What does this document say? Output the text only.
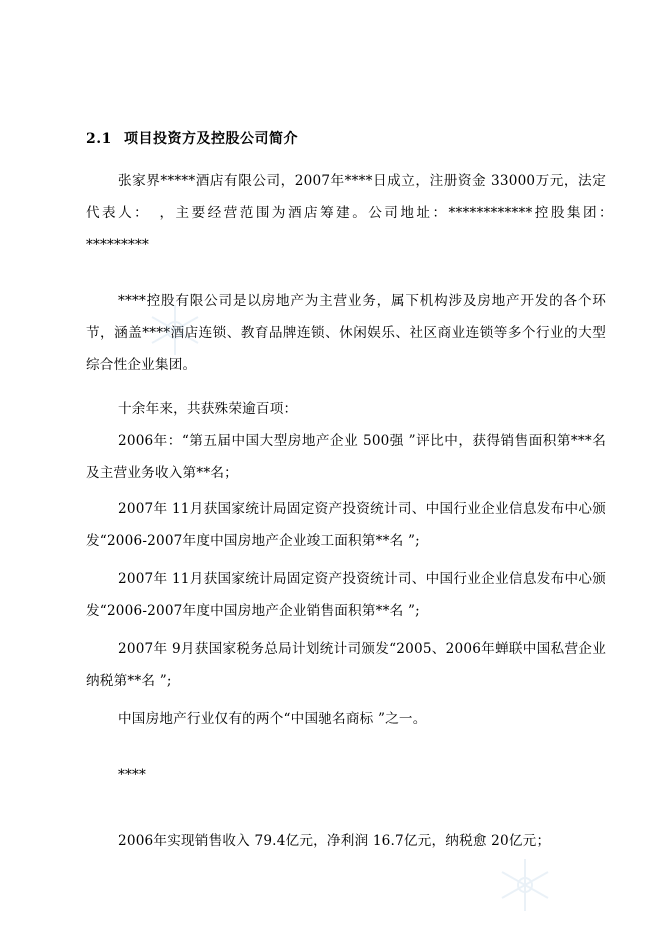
2.1 项目投资方及控股公司简介
张家界*****酒店有限公司，2007年****日成立，注册资金 33000万元，法定代表人：　，主要经营范围为酒店筹建。公司地址：************控股集团：　*********
****控股有限公司是以房地产为主营业务，属下机构涉及房地产开发的各个环节，涵盖****酒店连锁、教育品牌连锁、休闲娱乐、社区商业连锁等多个行业的大型综合性企业集团。
十余年来，共获殊荣逾百项：
2006年：“第五届中国大型房地产企业 500强 ”评比中，获得销售面积第***名及主营业务收入第**名；
2007年 11月获国家统计局固定资产投资统计司、中国行业企业信息发布中心颁发“2006-2007年度中国房地产企业竣工面积第**名 ”;
2007年 11月获国家统计局固定资产投资统计司、中国行业企业信息发布中心颁发“2006-2007年度中国房地产企业销售面积第**名 ”;
2007年 9月获国家税务总局计划统计司颁发“2005、2006年蝉联中国私营企业纳税第**名 ”;
中国房地产行业仅有的两个“中国驰名商标 ”之一。
****
2006年实现销售收入 79.4亿元，净利润 16.7亿元，纳税愈 20亿元；
